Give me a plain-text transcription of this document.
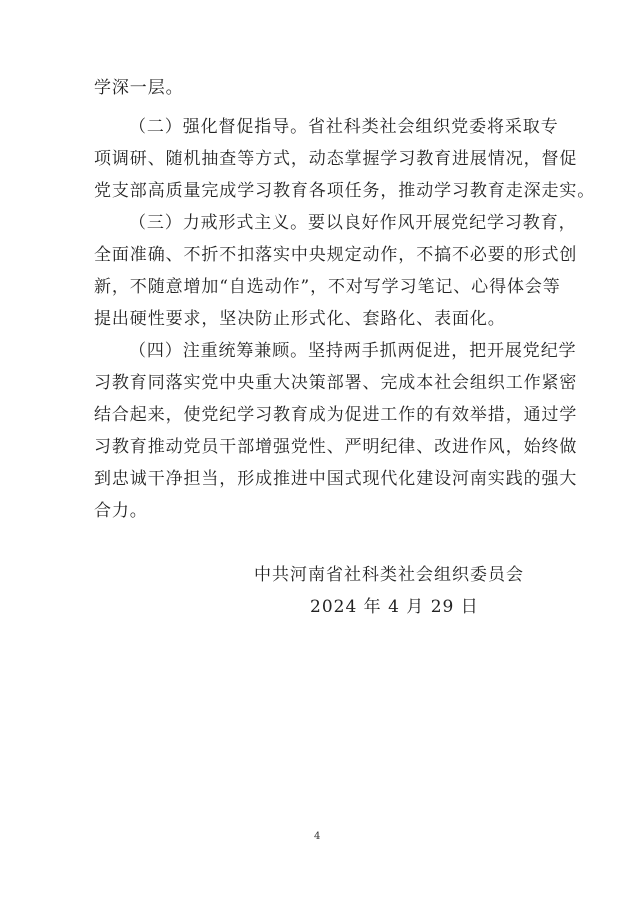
学深一层。
（二）强化督促指导。省社科类社会组织党委将采取专
项调研、随机抽查等方式，动态掌握学习教育进展情况，督促
党支部高质量完成学习教育各项任务，推动学习教育走深走实。
（三）力戒形式主义。要以良好作风开展党纪学习教育，
全面准确、不折不扣落实中央规定动作，不搞不必要的形式创
新，不随意增加“自选动作”，不对写学习笔记、心得体会等
提出硬性要求，坚决防止形式化、套路化、表面化。
（四）注重统筹兼顾。坚持两手抓两促进，把开展党纪学
习教育同落实党中央重大决策部署、完成本社会组织工作紧密
结合起来，使党纪学习教育成为促进工作的有效举措，通过学
习教育推动党员干部增强党性、严明纪律、改进作风，始终做
到忠诚干净担当，形成推进中国式现代化建设河南实践的强大
合力。
中共河南省社科类社会组织委员会
2024 年 4 月 29 日
4
